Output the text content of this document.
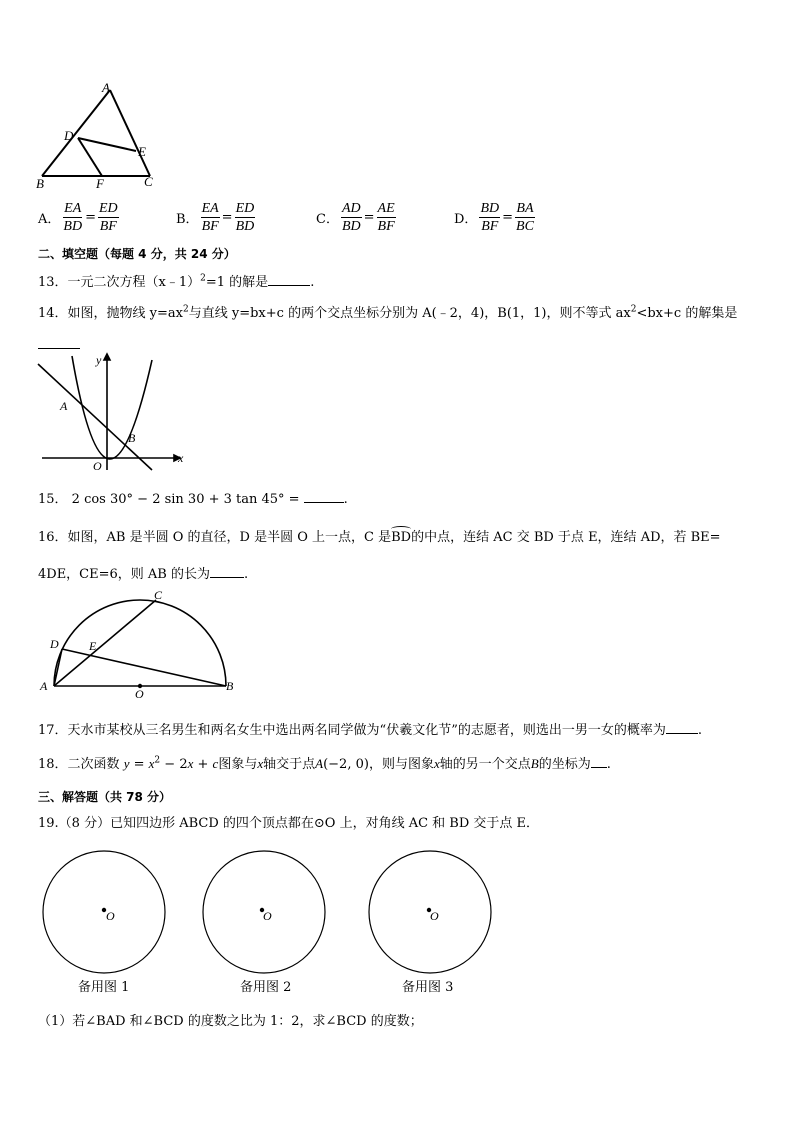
A
D
E
B	F	C
A． $\frac{EA}{BD} = \frac{ED}{BF}$	B． $\frac{EA}{BF} = \frac{ED}{BD}$	C． $\frac{AD}{BD} = \frac{AE}{BF}$	D． $\frac{BD}{BF} = \frac{BA}{BC}$
二、填空题（每题 4 分，共 24 分）
13．一元二次方程（x﹣1）$^2$=1 的解是	.
14．如图，抛物线 $y=ax^2$与直线 y=bx+c 的两个交点坐标分别为 A(﹣2，4)，B(1，1)，则不等式 $ax^2<bx+c$ 的解集是
y
x
A
B
O
15． 2 cos 30° − 2 sin 30 + 3 tan 45° =	.
16．如图，AB 是半圆 O 的直径，D 是半圆 O 上一点，C 是
BD的中点，连结 AC 交 BD 于点 E，连结 AD，若 BE=
4DE，CE=6，则 AB 的长为	.
C
D	E
A
O
B
17．天水市某校从三名男生和两名女生中选出两名同学做为“伏羲文化节”的志愿者，则选出一男一女的概率为 .
18．二次函数 $y = x^2 - 2x + c$图象与x轴交于点A(−2, 0)，则与图象x轴的另一个交点B的坐标为 .
三、解答题（共 78 分）
19.（8 分）已知四边形 ABCD 的四个顶点都在⊙O 上，对角线 AC 和 BD 交于点 E．
O	O	O
备用图 1	备用图 2	备用图 3
（1）若∠BAD 和∠BCD 的度数之比为 1：2，求∠BCD 的度数；
